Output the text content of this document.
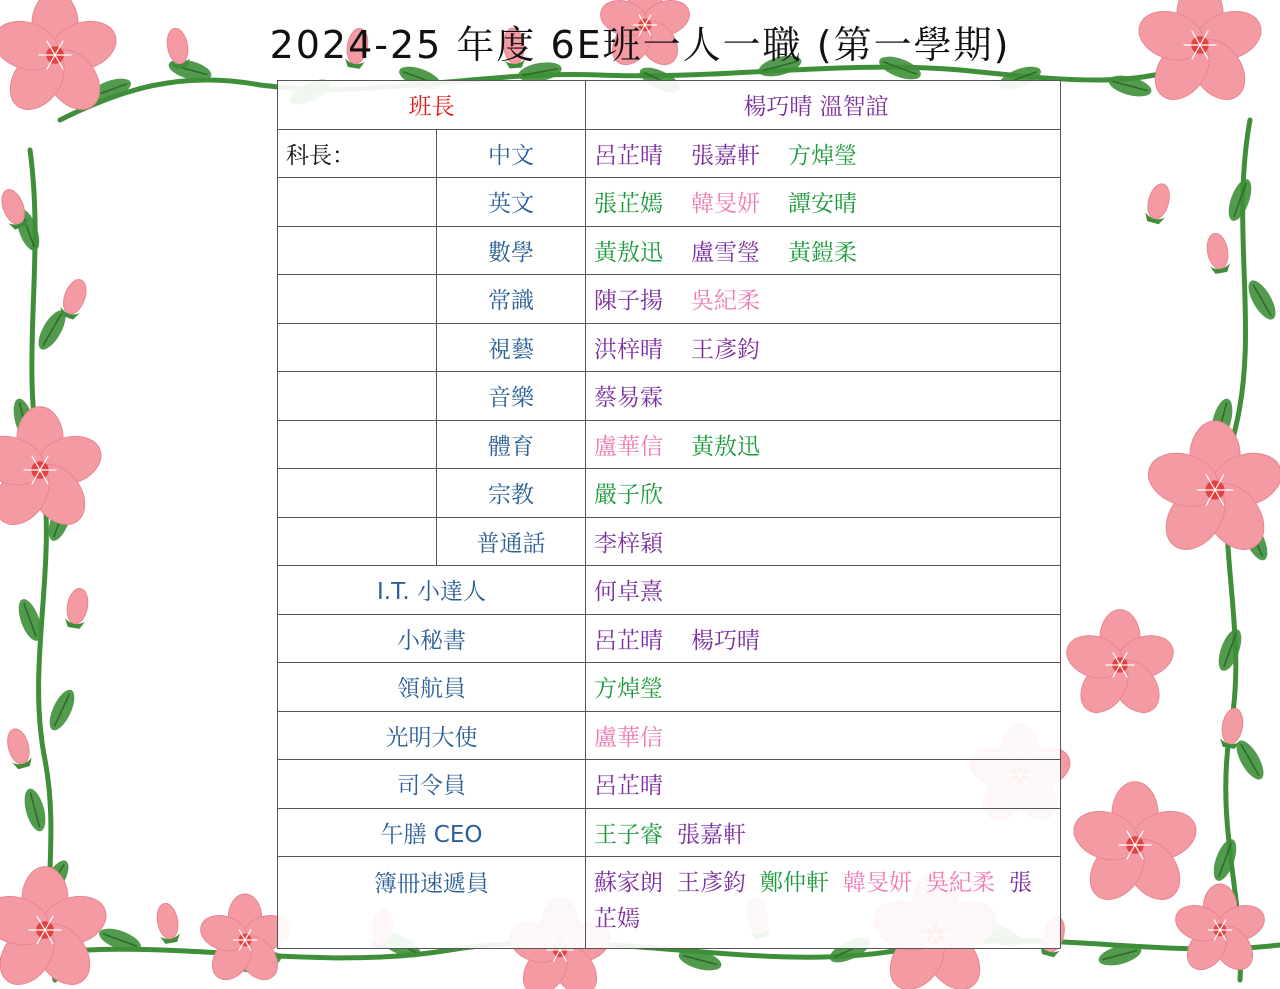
2024-25 年度 6E班一人一職 (第一學期)
班長		楊巧晴 溫智誼
科長：	中文	呂芷晴 張嘉軒 方焯瑩
	英文	張芷嫣 韓旻妍 譚安晴
	數學	黃敖迅 盧雪瑩 黃鎧柔
	常識	陳子揚 吳紀柔
	視藝	洪梓晴 王彥鈞
	音樂	蔡易霖
	體育	盧華信 黃敖迅
	宗教	嚴子欣
	普通話	李梓穎
I.T. 小達人		何卓熹
小秘書		呂芷晴 楊巧晴
領航員		方焯瑩
光明大使		盧華信
司令員		呂芷晴
午膳 CEO		王子睿 張嘉軒
簿冊速遞員		蘇家朗 王彥鈞 鄭仲軒 韓旻妍 吳紀柔 張芷嫣
